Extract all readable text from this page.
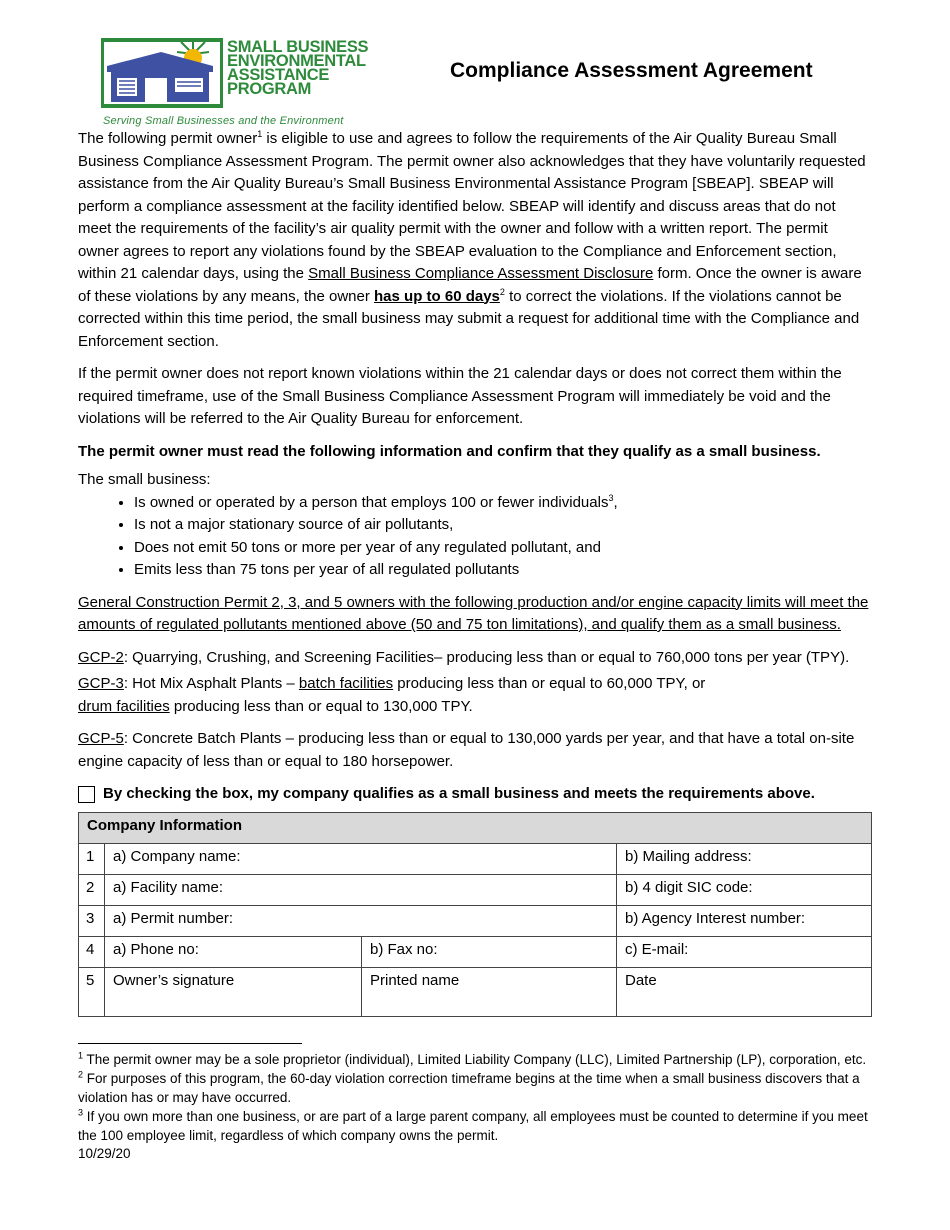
SMALL BUSINESS
ENVIRONMENTAL
ASSISTANCE
PROGRAM
Serving Small Businesses and the Environment
Compliance Assessment Agreement

The following permit owner$^1$ is eligible to use and agrees to follow the requirements of the Air Quality Bureau Small Business Compliance Assessment Program. The permit owner also acknowledges that they have voluntarily requested assistance from the Air Quality Bureau’s Small Business Environmental Assistance Program [SBEAP]. SBEAP will perform a compliance assessment at the facility identified below. SBEAP will identify and discuss areas that do not meet the requirements of the facility’s air quality permit with the owner and follow with a written report. The permit owner agrees to report any violations found by the SBEAP evaluation to the Compliance and Enforcement section, within 21 calendar days, using the Small Business Compliance Assessment Disclosure form. Once the owner is aware of these violations by any means, the owner has up to 60 days$^2$ to correct the violations. If the violations cannot be corrected within this time period, the small business may submit a request for additional time with the Compliance and Enforcement section.

If the permit owner does not report known violations within the 21 calendar days or does not correct them within the required timeframe, use of the Small Business Compliance Assessment Program will immediately be void and the violations will be referred to the Air Quality Bureau for enforcement.

The permit owner must read the following information and confirm that they qualify as a small business.

The small business:
• Is owned or operated by a person that employs 100 or fewer individuals$^3$,
• Is not a major stationary source of air pollutants,
• Does not emit 50 tons or more per year of any regulated pollutant, and
• Emits less than 75 tons per year of all regulated pollutants

General Construction Permit 2, 3, and 5 owners with the following production and/or engine capacity limits will meet the amounts of regulated pollutants mentioned above (50 and 75 ton limitations), and qualify them as a small business.

GCP-2: Quarrying, Crushing, and Screening Facilities– producing less than or equal to 760,000 tons per year (TPY).

GCP-3: Hot Mix Asphalt Plants – batch facilities producing less than or equal to 60,000 TPY, or
drum facilities producing less than or equal to 130,000 TPY.

GCP-5: Concrete Batch Plants – producing less than or equal to 130,000 yards per year, and that have a total on-site engine capacity of less than or equal to 180 horsepower.

By checking the box, my company qualifies as a small business and meets the requirements above.
Company Information			
1	a) Company name:		b) Mailing address:
2	a) Facility name:		b) 4 digit SIC code:
3	a) Permit number:		b) Agency Interest number:
4	a) Phone no:	b) Fax no:	c) E-mail:
5	Owner’s signature	Printed name	Date
$^1$ The permit owner may be a sole proprietor (individual), Limited Liability Company (LLC), Limited Partnership (LP), corporation, etc.
$^2$ For purposes of this program, the 60-day violation correction timeframe begins at the time when a small business discovers that a violation has or may have occurred.
$^3$ If you own more than one business, or are part of a large parent company, all employees must be counted to determine if you meet the 100 employee limit, regardless of which company owns the permit.
10/29/20
